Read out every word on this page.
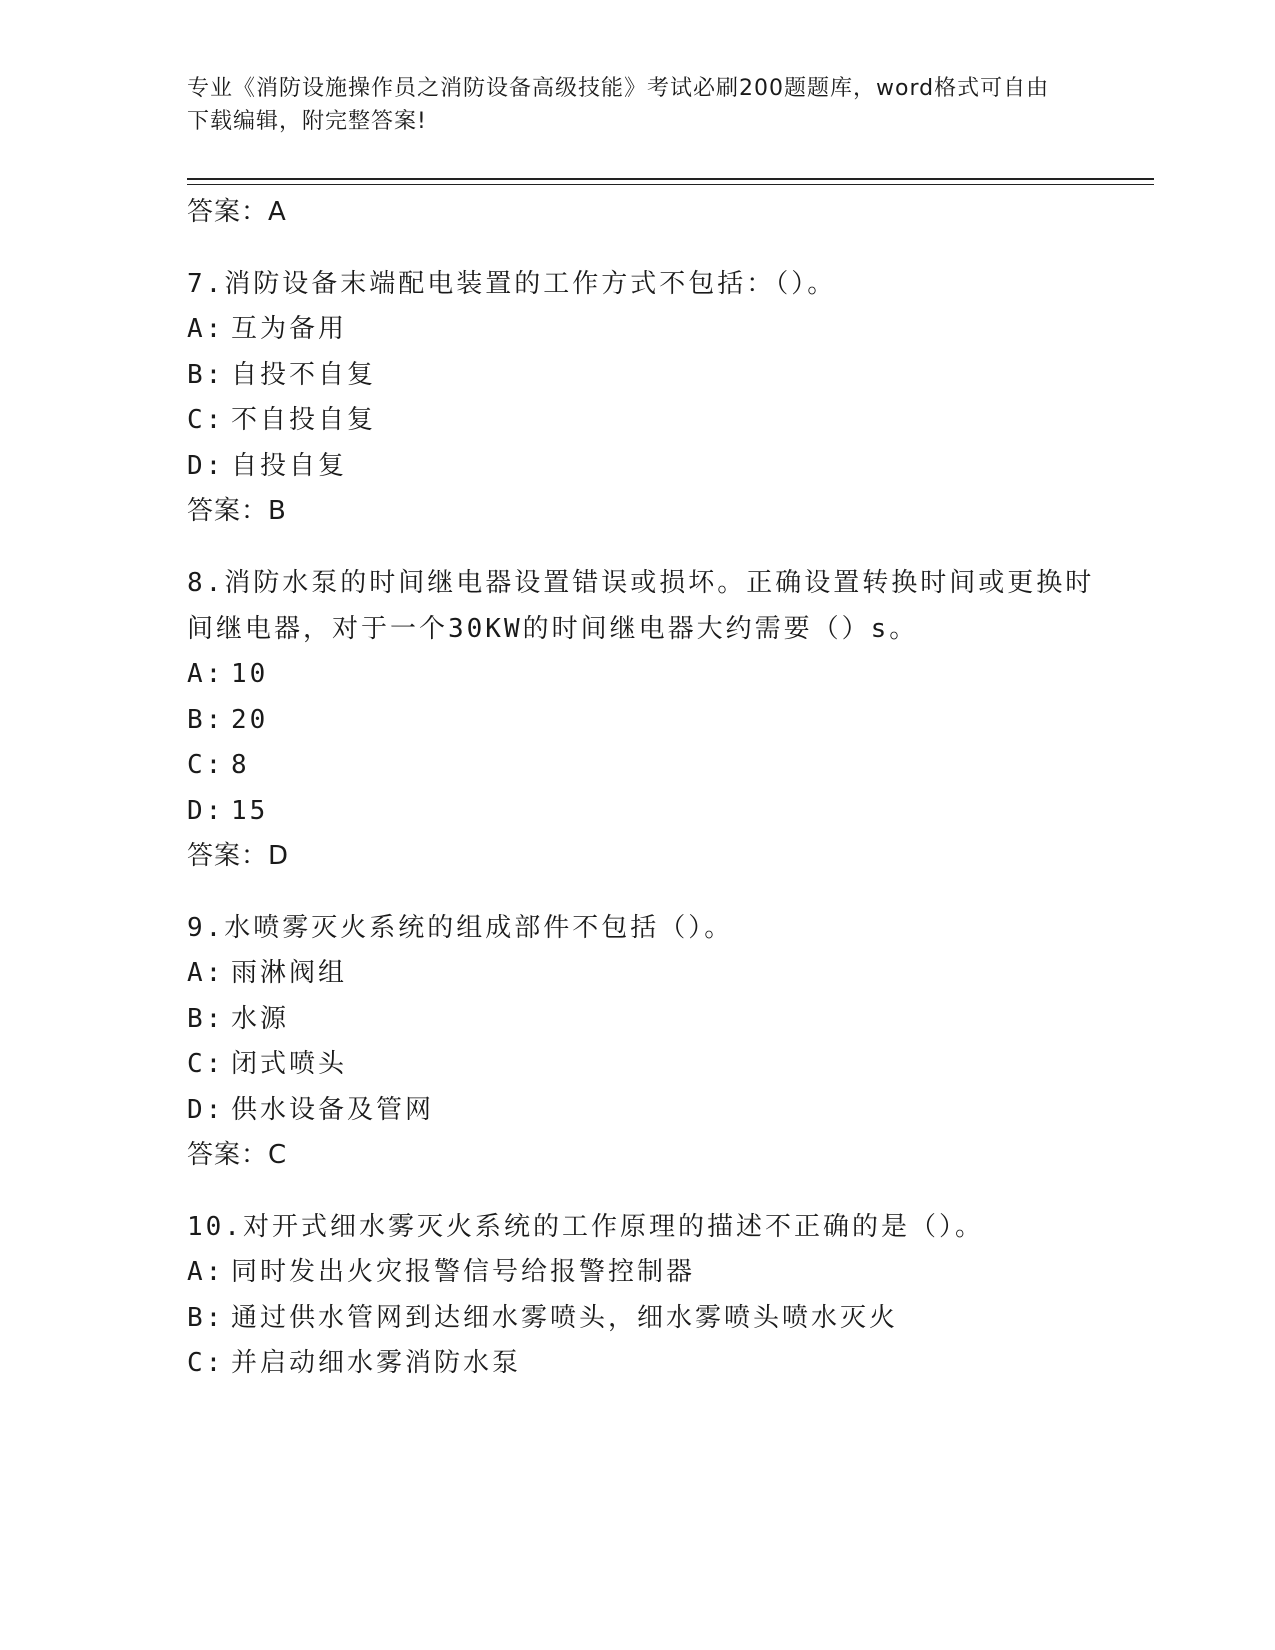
专业《消防设施操作员之消防设备高级技能》考试必刷200题题库，word格式可自由下载编辑，附完整答案!
答案：A
7.消防设备末端配电装置的工作方式不包括：（）。
A: 互为备用
B: 自投不自复
C: 不自投自复
D: 自投自复
答案：B
8.消防水泵的时间继电器设置错误或损坏。正确设置转换时间或更换时间继电器，对于一个30KW的时间继电器大约需要（）s。
A: 10
B: 20
C: 8
D: 15
答案：D
9.水喷雾灭火系统的组成部件不包括（）。
A: 雨淋阀组
B: 水源
C: 闭式喷头
D: 供水设备及管网
答案：C
10.对开式细水雾灭火系统的工作原理的描述不正确的是（）。
A: 同时发出火灾报警信号给报警控制器
B: 通过供水管网到达细水雾喷头，细水雾喷头喷水灭火
C: 并启动细水雾消防水泵
